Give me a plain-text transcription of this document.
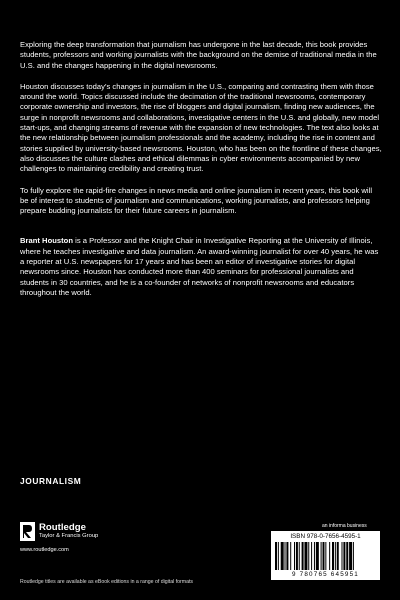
Exploring the deep transformation that journalism has undergone in the last decade, this book provides students, professors and working journalists with the background on the demise of traditional media in the U.S. and the changes happening in the digital newsrooms.

Houston discusses today’s changes in journalism in the U.S., comparing and contrasting them with those around the world. Topics discussed include the decimation of the traditional newsrooms, contemporary corporate ownership and investors, the rise of bloggers and digital journalism, finding new audiences, the surge in nonprofit newsrooms and collaborations, investigative centers in the U.S. and globally, new model start-ups, and changing streams of revenue with the expansion of new technologies. The text also looks at the new relationship between journalism professionals and the academy, including the rise in content and stories supplied by university-based newsrooms. Houston, who has been on the frontline of these changes, also discusses the culture clashes and ethical dilemmas in cyber environments accompanied by new challenges to maintaining credibility and creating trust.

To fully explore the rapid-fire changes in news media and online journalism in recent years, this book will be of interest to students of journalism and communications, working journalists, and professors helping prepare budding journalists for their future careers in journalism.

Brant Houston is a Professor and the Knight Chair in Investigative Reporting at the University of Illinois, where he teaches investigative and data journalism. An award-winning journalist for over 40 years, he was a reporter at U.S. newspapers for 17 years and has been an editor of investigative stories for digital newsrooms since. Houston has conducted more than 400 seminars for professional journalists and students in 30 countries, and he is a co-founder of networks of nonprofit newsrooms and educators throughout the world.

JOURNALISM
Routledge
Taylor & Francis Group
www.routledge.com
Routledge titles are available as eBook editions in a range of digital formats
an informa business
ISBN 978-0-7656-4595-1
9 780765 645951
